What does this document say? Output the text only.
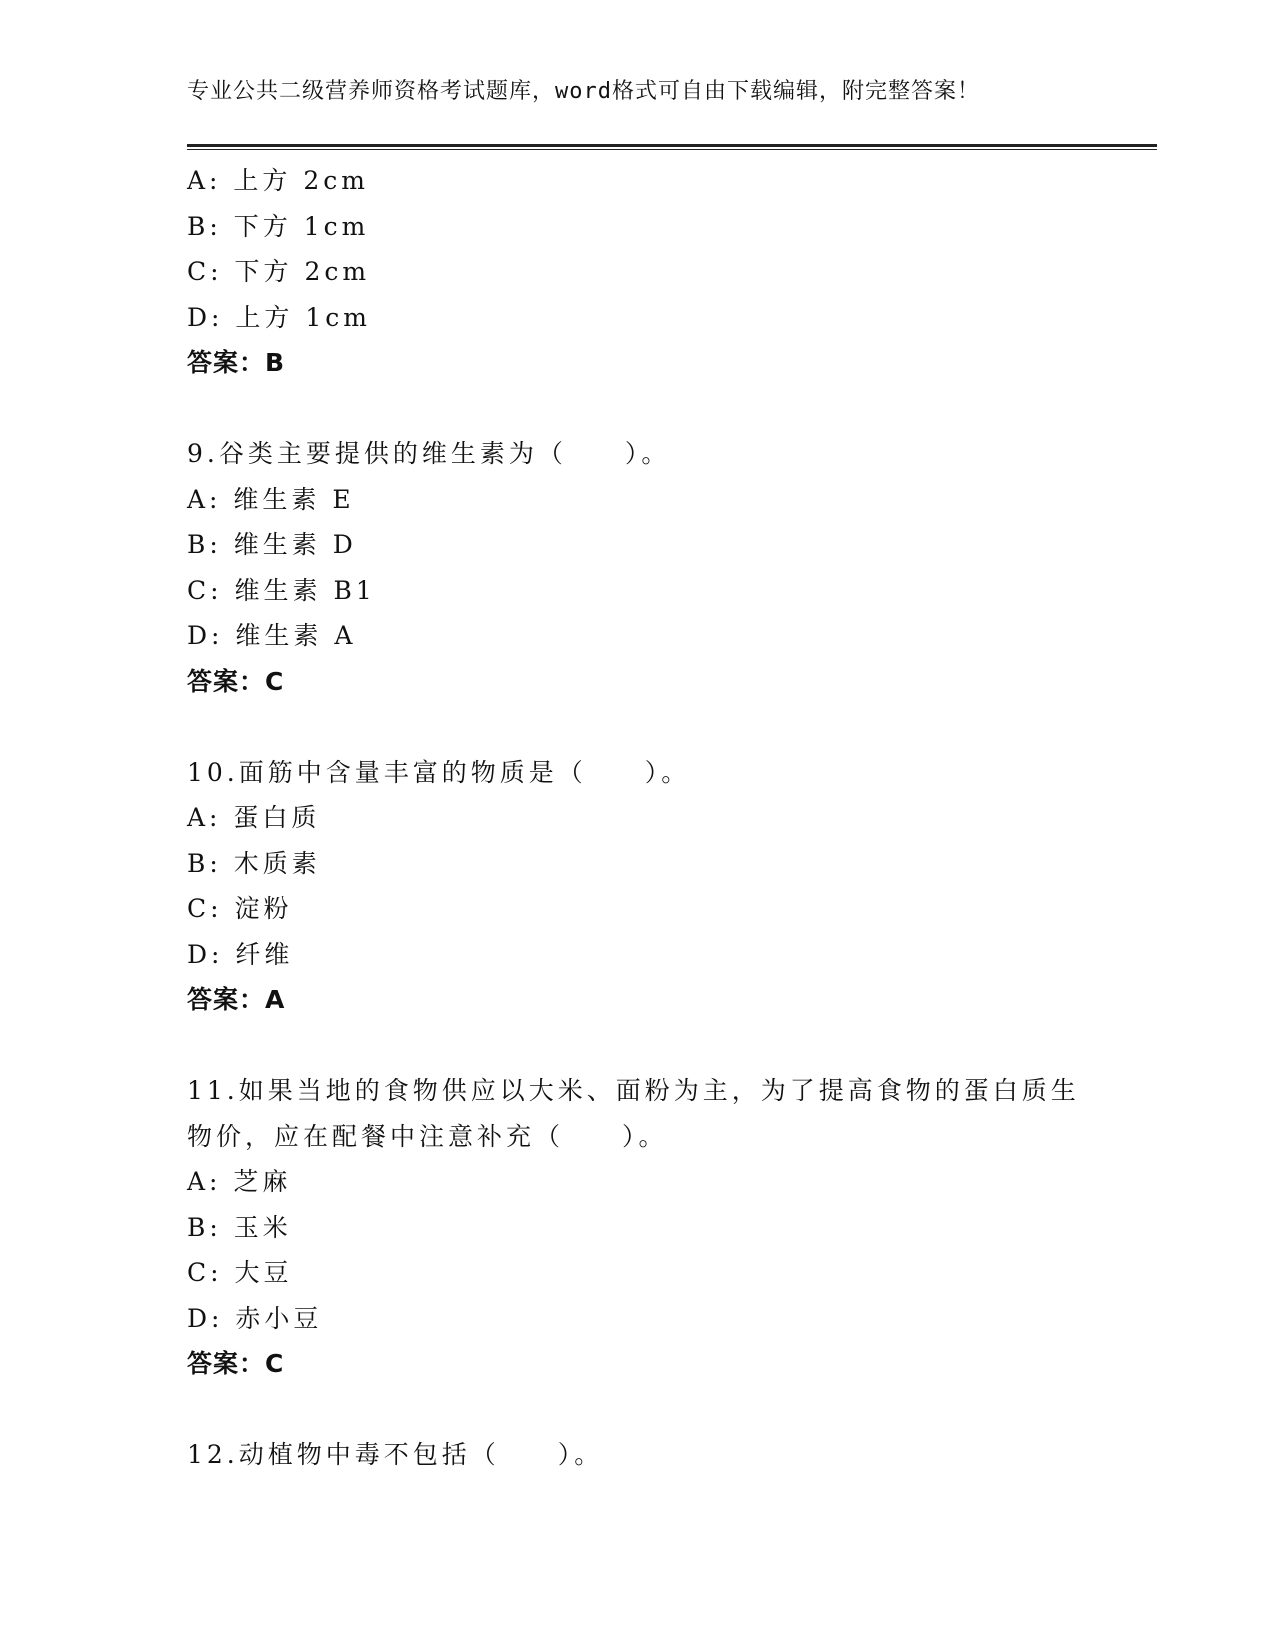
专业公共二级营养师资格考试题库，word格式可自由下载编辑，附完整答案！
A: 上方 2cm
B: 下方 1cm
C: 下方 2cm
D: 上方 1cm
答案：B
9.谷类主要提供的维生素为（　　）。
A: 维生素 E
B: 维生素 D
C: 维生素 B1
D: 维生素 A
答案：C
10.面筋中含量丰富的物质是（　　）。
A: 蛋白质
B: 木质素
C: 淀粉
D: 纤维
答案：A
11.如果当地的食物供应以大米、面粉为主，为了提高食物的蛋白质生
物价，应在配餐中注意补充（　　）。
A: 芝麻
B: 玉米
C: 大豆
D: 赤小豆
答案：C
12.动植物中毒不包括（　　）。
